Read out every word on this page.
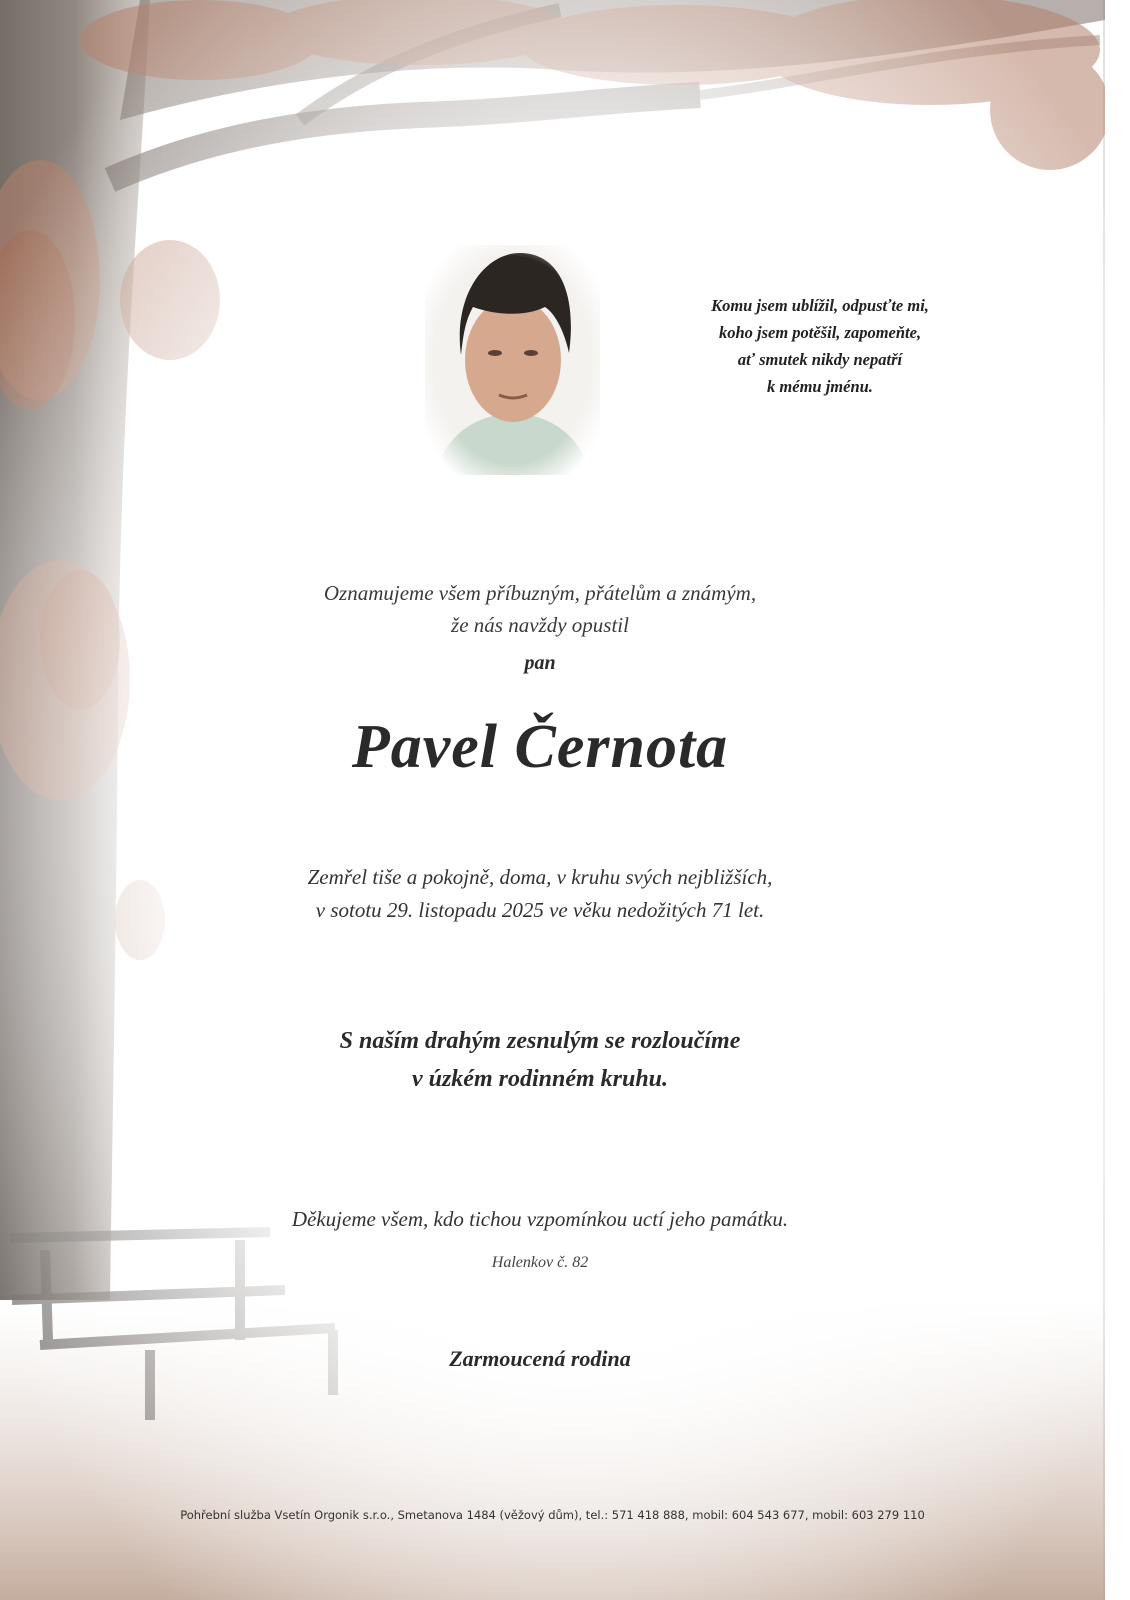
Komu jsem ublížil, odpusťte mi,
koho jsem potěšil, zapomeňte,
ať smutek nikdy nepatří
k mému jménu.
Oznamujeme všem příbuzným, přátelům a známým,
že nás navždy opustil
pan
Pavel Černota
Zemřel tiše a pokojně, doma, v kruhu svých nejbližších,
v sototu 29. listopadu 2025 ve věku nedožitých 71 let.
S naším drahým zesnulým se rozloučíme
v úzkém rodinném kruhu.
Děkujeme všem, kdo tichou vzpomínkou uctí jeho památku.
Halenkov č. 82
Zarmoucená rodina
Pohřební služba Vsetín Orgonik s.r.o., Smetanova 1484 (věžový dům), tel.: 571 418 888, mobil: 604 543 677, mobil: 603 279 110
